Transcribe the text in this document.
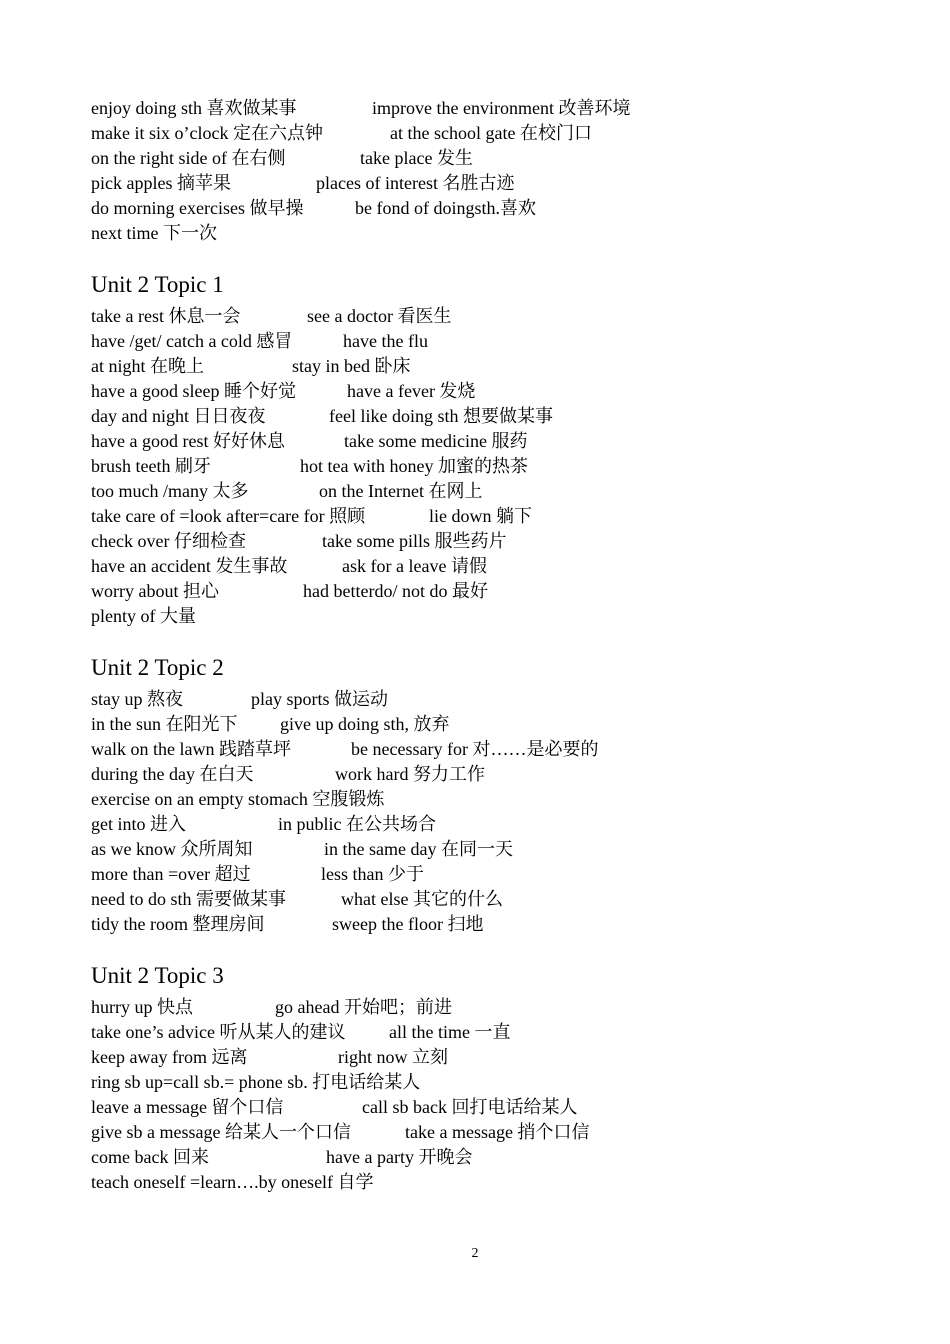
enjoy doing sth 喜欢做某事	improve the environment 改善环境
make it six o’clock 定在六点钟	at the school gate 在校门口
on the right side of 在右侧	take place 发生
pick apples 摘苹果	places of interest 名胜古迹
do morning exercises 做早操	be fond of doingsth.喜欢
next time 下一次
Unit 2 Topic 1
take a rest 休息一会	see a doctor 看医生
have /get/ catch a cold 感冒	have the flu
at night 在晚上	stay in bed 卧床
have a good sleep 睡个好觉	have a fever 发烧
day and night 日日夜夜	feel like doing sth 想要做某事
have a good rest 好好休息	take some medicine 服药
brush teeth 刷牙	hot tea with honey 加蜜的热茶
too much /many 太多	on the Internet 在网上
take care of =look after=care for 照顾	lie down 躺下
check over 仔细检查	take some pills 服些药片
have an accident 发生事故	ask for a leave 请假
worry about 担心	had betterdo/ not do 最好
plenty of 大量
Unit 2 Topic 2
stay up 熬夜	play sports 做运动
in the sun 在阳光下 give up doing sth, 放弃
walk on the lawn 践踏草坪	be necessary for 对……是必要的
during the day 在白天	work hard 努力工作
exercise on an empty stomach 空腹锻炼
get into 进入	in public 在公共场合
as we know 众所周知	in the same day 在同一天
more than =over 超过	less than 少于
need to do sth 需要做某事	what else 其它的什么
tidy the room 整理房间	sweep the floor 扫地
Unit 2 Topic 3
hurry up 快点	go ahead 开始吧；前进
take one’s advice 听从某人的建议 all the time 一直
keep away from 远离	right now 立刻
ring sb up=call sb.= phone sb. 打电话给某人
leave a message 留个口信	call sb back 回打电话给某人
give sb a message 给某人一个口信	take a message 捎个口信
come back 回来	have a party 开晚会
teach oneself =learn….by oneself 自学
2
